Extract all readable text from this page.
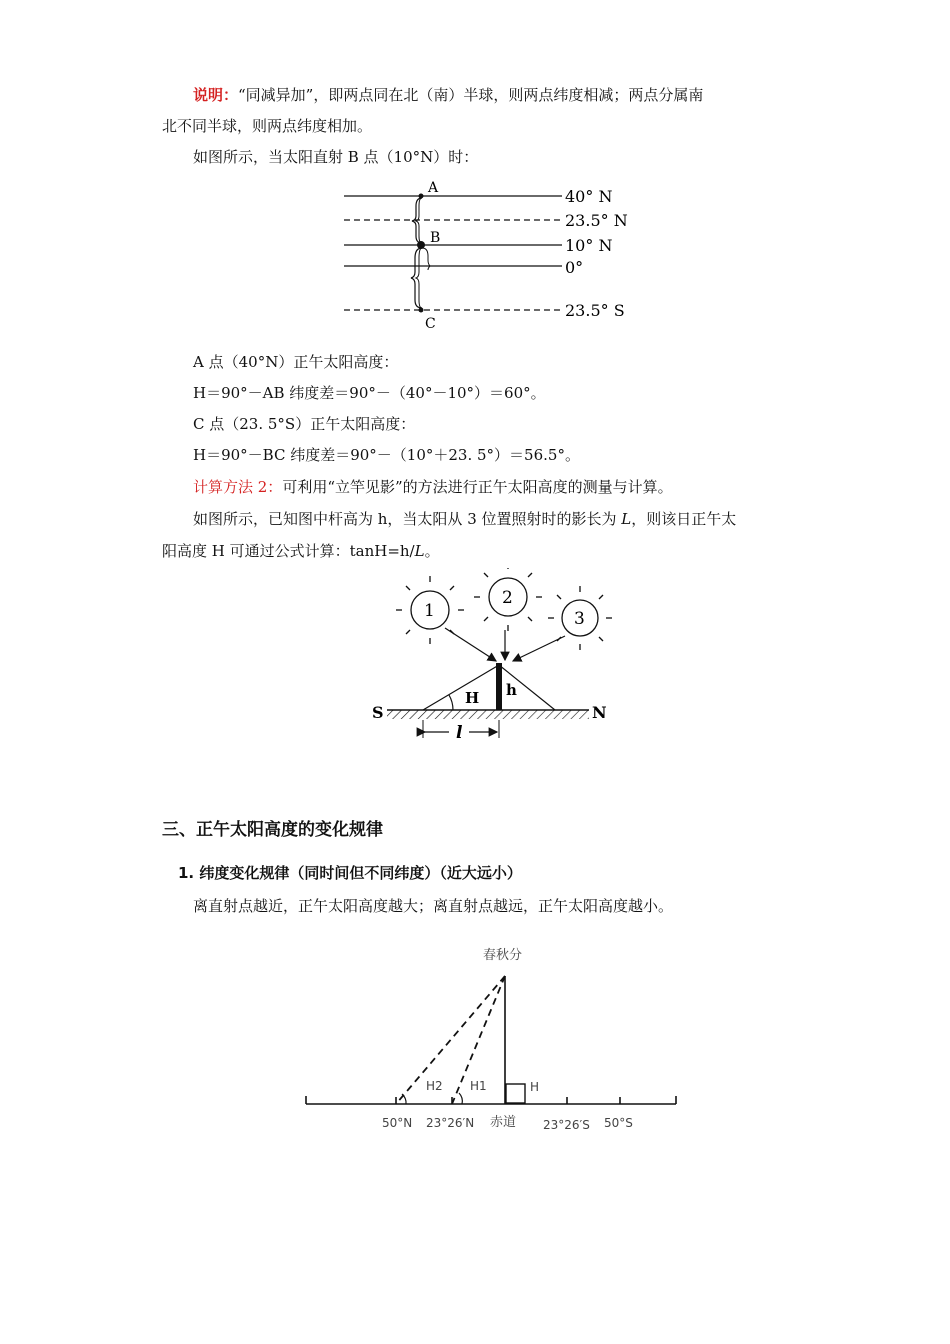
说明：“同减异加”，即两点同在北（南）半球，则两点纬度相减；两点分属南
北不同半球，则两点纬度相加。
如图所示，当太阳直射 B 点（10°N）时：
A
B
C
40° N
23.5° N
10° N
0°
23.5° S
A 点（40°N）正午太阳高度：
H＝90°－AB 纬度差＝90°－（40°－10°）＝60°。
C 点（23. 5°S）正午太阳高度：
H＝90°－BC 纬度差＝90°－（10°＋23. 5°）＝56.5°。
计算方法 2：可利用“立竿见影”的方法进行正午太阳高度的测量与计算。
如图所示，已知图中杆高为 h，当太阳从 3 位置照射时的影长为 L，则该日正午太
阳高度 H 可通过公式计算：tanH=h/L。
1
2
3
H h
S	N
l
三、正午太阳高度的变化规律
1. 纬度变化规律（同时间但不同纬度）（近大远小）
离直射点越近，正午太阳高度越大；离直射点越远，正午太阳高度越小。
春秋分
H2 H1	H
50°N 23°26′N 赤道 23°26′S 50°S
